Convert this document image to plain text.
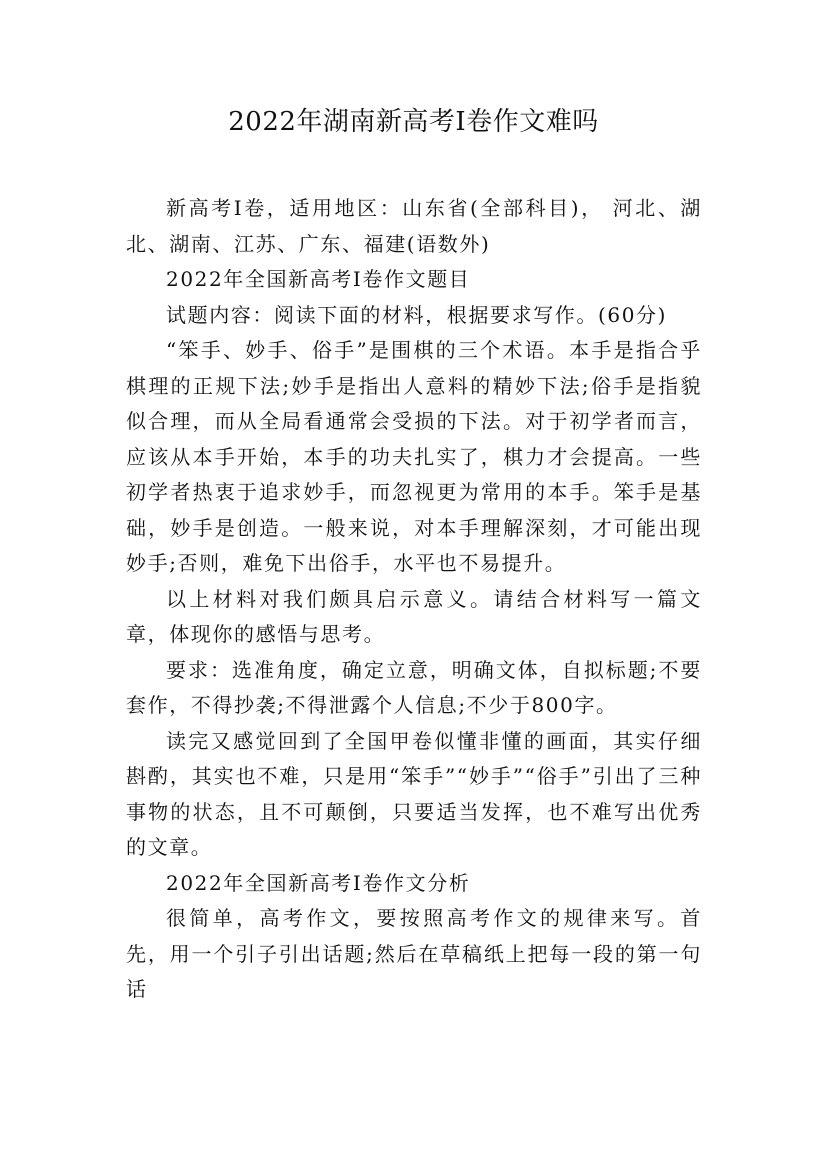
2022年湖南新高考Ⅰ卷作文难吗

新高考Ⅰ卷，适用地区：山东省(全部科目)， 河北、湖北、湖南、江苏、广东、福建(语数外)

2022年全国新高考Ⅰ卷作文题目

试题内容：阅读下面的材料，根据要求写作。(60分)

“笨手、妙手、俗手”是围棋的三个术语。本手是指合乎棋理的正规下法;妙手是指出人意料的精妙下法;俗手是指貌似合理，而从全局看通常会受损的下法。对于初学者而言，应该从本手开始，本手的功夫扎实了，棋力才会提高。一些初学者热衷于追求妙手，而忽视更为常用的本手。笨手是基础，妙手是创造。一般来说，对本手理解深刻，才可能出现妙手;否则，难免下出俗手，水平也不易提升。

以上材料对我们颇具启示意义。请结合材料写一篇文章，体现你的感悟与思考。

要求：选准角度，确定立意，明确文体，自拟标题;不要套作，不得抄袭;不得泄露个人信息;不少于800字。

读完又感觉回到了全国甲卷似懂非懂的画面，其实仔细斟酌，其实也不难，只是用“笨手”“妙手”“俗手”引出了三种事物的状态，且不可颠倒，只要适当发挥，也不难写出优秀的文章。

2022年全国新高考Ⅰ卷作文分析

很简单，高考作文，要按照高考作文的规律来写。首先，用一个引子引出话题;然后在草稿纸上把每一段的第一句话
